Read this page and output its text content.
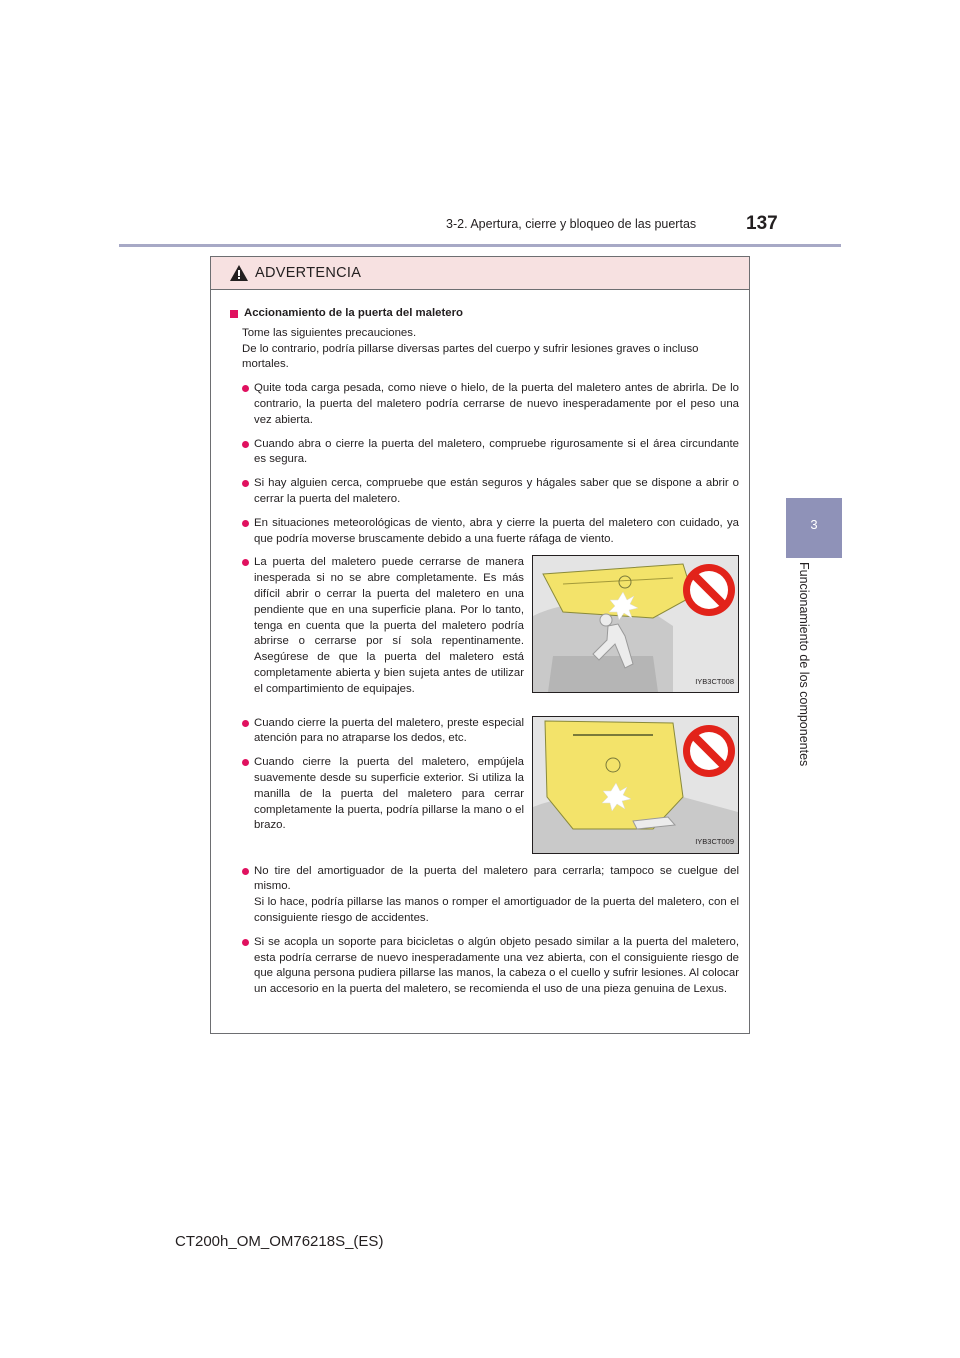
3-2. Apertura, cierre y bloqueo de las puertas	137
3
Funcionamiento de los componentes
ADVERTENCIA
Accionamiento de la puerta del maletero
Tome las siguientes precauciones.
De lo contrario, podría pillarse diversas partes del cuerpo y sufrir lesiones graves o incluso mortales.
Quite toda carga pesada, como nieve o hielo, de la puerta del maletero antes de abrirla. De lo contrario, la puerta del maletero podría cerrarse de nuevo inesperadamente por el peso una vez abierta.
Cuando abra o cierre la puerta del maletero, compruebe rigurosamente si el área circundante es segura.
Si hay alguien cerca, compruebe que están seguros y hágales saber que se dispone a abrir o cerrar la puerta del maletero.
En situaciones meteorológicas de viento, abra y cierre la puerta del maletero con cuidado, ya que podría moverse bruscamente debido a una fuerte ráfaga de viento.
La puerta del maletero puede cerrarse de manera inesperada si no se abre completamente. Es más difícil abrir o cerrar la puerta del maletero en una pendiente que en una superficie plana. Por lo tanto, tenga en cuenta que la puerta del maletero podría abrirse o cerrarse por sí sola repentinamente. Asegúrese de que la puerta del maletero está completamente abierta y bien sujeta antes de utilizar el compartimiento de equipajes.
IYB3CT008
Cuando cierre la puerta del maletero, preste especial atención para no atraparse los dedos, etc.
Cuando cierre la puerta del maletero, empújela suavemente desde su superficie exterior. Si utiliza la manilla de la puerta del maletero para cerrar completamente la puerta, podría pillarse la mano o el brazo.
IYB3CT009
No tire del amortiguador de la puerta del maletero para cerrarla; tampoco se cuelgue del mismo.
Si lo hace, podría pillarse las manos o romper el amortiguador de la puerta del maletero, con el consiguiente riesgo de accidentes.
Si se acopla un soporte para bicicletas o algún objeto pesado similar a la puerta del maletero, esta podría cerrarse de nuevo inesperadamente una vez abierta, con el consiguiente riesgo de que alguna persona pudiera pillarse las manos, la cabeza o el cuello y sufrir lesiones. Al colocar un accesorio en la puerta del maletero, se recomienda el uso de una pieza genuina de Lexus.
CT200h_OM_OM76218S_(ES)
